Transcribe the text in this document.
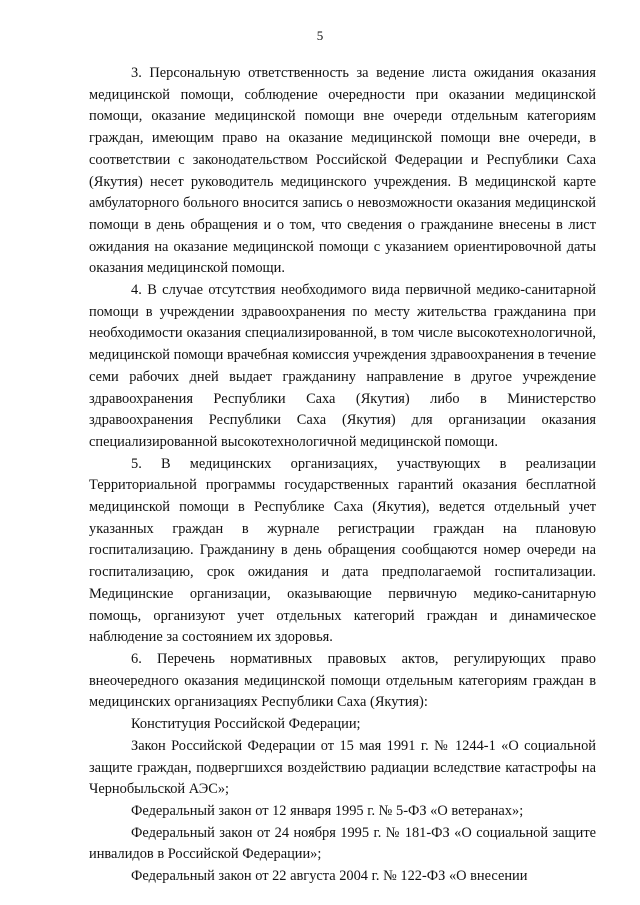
5

3. Персональную ответственность за ведение листа ожидания оказания медицинской помощи, соблюдение очередности при оказании медицинской помощи, оказание медицинской помощи вне очереди отдельным категориям граждан, имеющим право на оказание медицинской помощи вне очереди, в соответствии с законодательством Российской Федерации и Республики Саха (Якутия) несет руководитель медицинского учреждения. В медицинской карте амбулаторного больного вносится запись о невозможности оказания медицинской помощи в день обращения и о том, что сведения о гражданине внесены в лист ожидания на оказание медицинской помощи с указанием ориентировочной даты оказания медицинской помощи.

4. В случае отсутствия необходимого вида первичной медико-санитарной помощи в учреждении здравоохранения по месту жительства гражданина при необходимости оказания специализированной, в том числе высокотехнологичной, медицинской помощи врачебная комиссия учреждения здравоохранения в течение семи рабочих дней выдает гражданину направление в другое учреждение здравоохранения Республики Саха (Якутия) либо в Министерство здравоохранения Республики Саха (Якутия) для организации оказания специализированной высокотехнологичной медицинской помощи.

5. В медицинских организациях, участвующих в реализации Территориальной программы государственных гарантий оказания бесплатной медицинской помощи в Республике Саха (Якутия), ведется отдельный учет указанных граждан в журнале регистрации граждан на плановую госпитализацию. Гражданину в день обращения сообщаются номер очереди на госпитализацию, срок ожидания и дата предполагаемой госпитализации. Медицинские организации, оказывающие первичную медико-санитарную помощь, организуют учет отдельных категорий граждан и динамическое наблюдение за состоянием их здоровья.

6. Перечень нормативных правовых актов, регулирующих право внеочередного оказания медицинской помощи отдельным категориям граждан в медицинских организациях Республики Саха (Якутия):

Конституция Российской Федерации;

Закон Российской Федерации от 15 мая 1991 г. № 1244-1 «О социальной защите граждан, подвергшихся воздействию радиации вследствие катастрофы на Чернобыльской АЭС»;

Федеральный закон от 12 января 1995 г. № 5-ФЗ «О ветеранах»;

Федеральный закон от 24 ноября 1995 г. № 181-ФЗ «О социальной защите инвалидов в Российской Федерации»;

Федеральный закон от 22 августа 2004 г. № 122-ФЗ «О внесении
